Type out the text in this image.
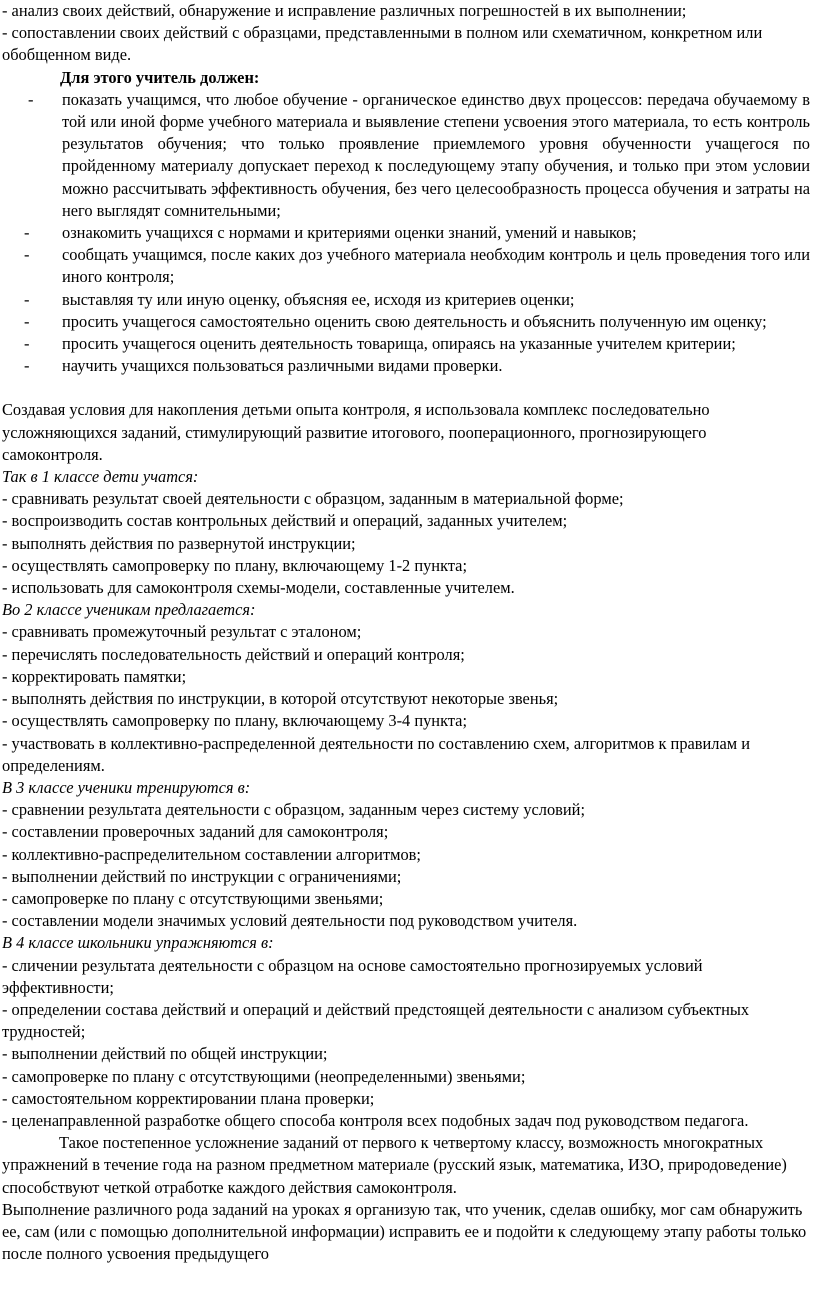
- анализ своих действий, обнаружение и исправление различных погрешностей в их выполнении;

- сопоставлении своих действий с образцами, представленными в полном или схематичном, конкретном или обобщенном виде.

Для этого учитель должен:

- показать учащимся, что любое обучение - органическое единство двух процессов: передача обучаемому в той или иной форме учебного материала и выявление степени усвоения этого материала, то есть контроль результатов обучения; что только проявление приемлемого уровня обученности учащегося по пройденному материалу допускает переход к последующему этапу обучения, и только при этом условии можно рассчитывать эффективность обучения, без чего целесообразность процесса обучения и затраты на него выглядят сомнительными;

- ознакомить учащихся с нормами и критериями оценки знаний, умений и навыков;

- сообщать учащимся, после каких доз учебного материала необходим контроль и цель проведения того или иного контроля;

- выставляя ту или иную оценку, объясняя ее, исходя из критериев оценки;

- просить учащегося самостоятельно оценить свою деятельность и объяснить полученную им оценку;

- просить учащегося оценить деятельность товарища, опираясь на указанные учителем критерии;

- научить учащихся пользоваться различными видами проверки.

Создавая условия для накопления детьми опыта контроля, я использовала комплекс последовательно усложняющихся заданий, стимулирующий развитие итогового, пооперационного, прогнозирующего самоконтроля.

Так в 1 классе дети учатся:

- сравнивать результат своей деятельности с образцом, заданным в материальной форме;

- воспроизводить состав контрольных действий и операций, заданных учителем;

- выполнять действия по развернутой инструкции;

- осуществлять самопроверку по плану, включающему 1-2 пункта;

- использовать для самоконтроля схемы-модели, составленные учителем.

Во 2 классе ученикам предлагается:

- сравнивать промежуточный результат с эталоном;

- перечислять последовательность действий и операций контроля;

- корректировать памятки;

- выполнять действия по инструкции, в которой отсутствуют некоторые звенья;

- осуществлять самопроверку по плану, включающему 3-4 пункта;

- участвовать в коллективно-распределенной деятельности по составлению схем, алгоритмов к правилам и определениям.

В 3 классе ученики тренируются в:

- сравнении результата деятельности с образцом, заданным через систему условий;

- составлении проверочных заданий для самоконтроля;

- коллективно-распределительном составлении алгоритмов;

- выполнении действий по инструкции с ограничениями;

- самопроверке по плану с отсутствующими звеньями;

- составлении модели значимых условий деятельности под руководством учителя.

В 4 классе школьники упражняются в:

- сличении результата деятельности с образцом на основе самостоятельно прогнозируемых условий эффективности;

- определении состава действий и операций и действий предстоящей деятельности с анализом субъектных трудностей;

- выполнении действий по общей инструкции;

- самопроверке по плану с отсутствующими (неопределенными) звеньями;

- самостоятельном корректировании плана проверки;

- целенаправленной разработке общего способа контроля всех подобных задач под руководством педагога.

Такое постепенное усложнение заданий от первого к четвертому классу, возможность многократных упражнений в течение года на разном предметном материале (русский язык, математика, ИЗО, природоведение) способствуют четкой отработке каждого действия самоконтроля.

Выполнение различного рода заданий на уроках я организую так, что ученик, сделав ошибку, мог сам обнаружить ее, сам (или с помощью дополнительной информации) исправить ее и подойти к следующему этапу работы только после полного усвоения предыдущего
